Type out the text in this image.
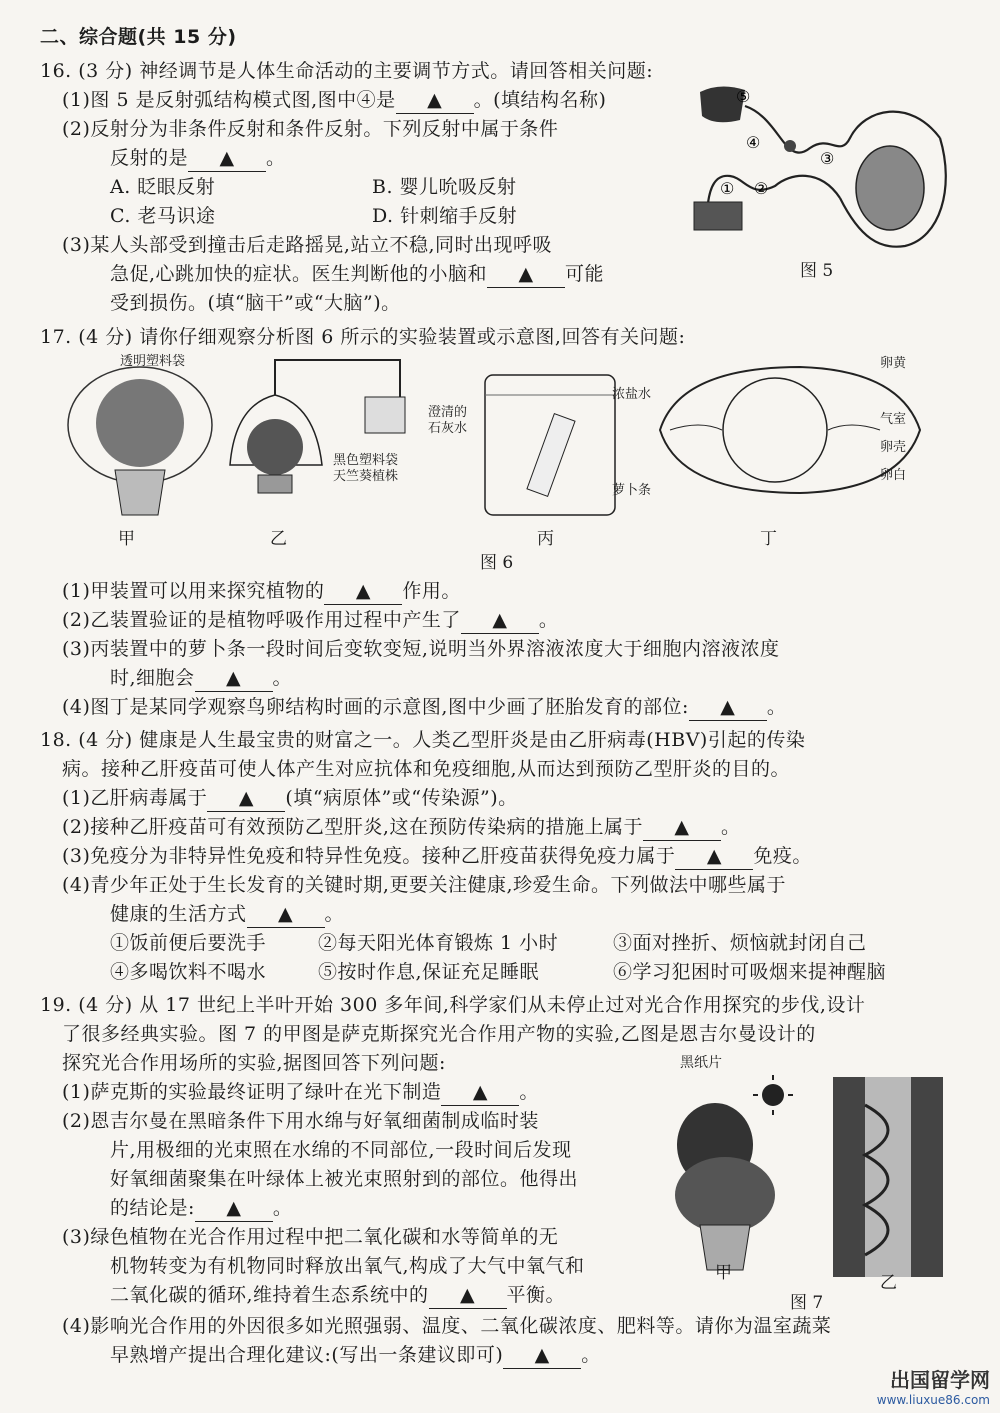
二、综合题(共 15 分)
16. (3 分) 神经调节是人体生命活动的主要调节方式。请回答相关问题:
(1)图 5 是反射弧结构模式图,图中④是 ▲ 。(填结构名称)
(2)反射分为非条件反射和条件反射。下列反射中属于条件
反射的是 ▲ 。
A. 眨眼反射	B. 婴儿吮吸反射
C. 老马识途	D. 针刺缩手反射
(3)某人头部受到撞击后走路摇晃,站立不稳,同时出现呼吸
急促,心跳加快的症状。医生判断他的小脑和 ▲ 可能
受到损伤。(填“脑干”或“大脑”)。
⑤
④
③
②
①
图 5
17. (4 分) 请你仔细观察分析图 6 所示的实验装置或示意图,回答有关问题:
透明塑料袋
澄清的
石灰水
黑色塑料袋
天竺葵植株
浓盐水
萝卜条
卵黄
气室
卵壳
卵白
甲	乙	丙	丁
图 6
(1)甲装置可以用来探究植物的 ▲ 作用。
(2)乙装置验证的是植物呼吸作用过程中产生了 ▲ 。
(3)丙装置中的萝卜条一段时间后变软变短,说明当外界溶液浓度大于细胞内溶液浓度
时,细胞会 ▲ 。
(4)图丁是某同学观察鸟卵结构时画的示意图,图中少画了胚胎发育的部位: ▲ 。
18. (4 分) 健康是人生最宝贵的财富之一。人类乙型肝炎是由乙肝病毒(HBV)引起的传染
病。接种乙肝疫苗可使人体产生对应抗体和免疫细胞,从而达到预防乙型肝炎的目的。
(1)乙肝病毒属于 ▲ (填“病原体”或“传染源”)。
(2)接种乙肝疫苗可有效预防乙型肝炎,这在预防传染病的措施上属于 ▲ 。
(3)免疫分为非特异性免疫和特异性免疫。接种乙肝疫苗获得免疫力属于 ▲ 免疫。
(4)青少年正处于生长发育的关键时期,更要关注健康,珍爱生命。下列做法中哪些属于
健康的生活方式 ▲ 。
①饭前便后要洗手	②每天阳光体育锻炼 1 小时	③面对挫折、烦恼就封闭自己
④多喝饮料不喝水	⑤按时作息,保证充足睡眠	⑥学习犯困时可吸烟来提神醒脑
19. (4 分) 从 17 世纪上半叶开始 300 多年间,科学家们从未停止过对光合作用探究的步伐,设计
了很多经典实验。图 7 的甲图是萨克斯探究光合作用产物的实验,乙图是恩吉尔曼设计的
探究光合作用场所的实验,据图回答下列问题:
(1)萨克斯的实验最终证明了绿叶在光下制造 ▲ 。
(2)恩吉尔曼在黑暗条件下用水绵与好氧细菌制成临时装
片,用极细的光束照在水绵的不同部位,一段时间后发现
好氧细菌聚集在叶绿体上被光束照射到的部位。他得出
的结论是: ▲ 。
(3)绿色植物在光合作用过程中把二氧化碳和水等简单的无
机物转变为有机物同时释放出氧气,构成了大气中氧气和
二氧化碳的循环,维持着生态系统中的 ▲ 平衡。
(4)影响光合作用的外因很多如光照强弱、温度、二氧化碳浓度、肥料等。请你为温室蔬菜
早熟增产提出合理化建议:(写出一条建议即可) ▲ 。
黑纸片
甲
图 7
乙
出国留学网
www.liuxue86.com
